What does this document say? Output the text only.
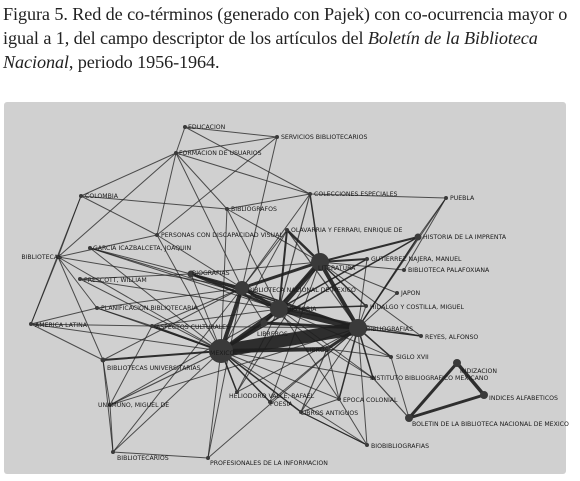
Figura 5. Red de co-términos (generado con Pajek) con co-ocurrencia mayor o igual a 1, del campo descriptor de los artículos del Boletín de la Biblioteca Nacional, periodo 1956-1964.
EDUCACION
SERVICIOS BIBLIOTECARIOS
FORMACION DE USUARIOS
COLOMBIA
BIBLIOGRAFOS
COLECCIONES ESPECIALES
PUEBLA
PERSONAS CON DISCAPACIDAD VISUAL
OLAVARRIA Y FERRARI, ENRIQUE DE
HISTORIA DE LA IMPRENTA
BIBLIOTECAS
GARCIA ICAZBALCETA, JOAQUIN
LITERATURA
GUTIERREZ NAJERA, MANUEL
BIOGRAFIAS	BIBLIOTECA PALAFOXIANA
PRESCOTT, WILLIAM
BIBLIOTECA NACIONAL DE MEXICO	JAPON
PLANIFICACION BIBLIOTECARIA	HISTORIA	HIDALGO Y COSTILLA, MIGUEL
AMERICA LATINA	ASPECTOS CULTURALES
LIBREROS
BIBLIOGRAFIAS
REYES, ALFONSO
MEXICO	LIBROS
SIGLO XVII
INDIZACION
BIBLIOTECAS UNIVERSITARIAS
INSTITUTO BIBLIOGRAFICO MEXICANO
HELIODORO VALLE, RAFAEL	INDICES ALFABETICOS
POESIA
EPOCA COLONIAL
UNAMUNO, MIGUEL DE
LIBROS ANTIGUOS
BOLETIN DE LA BIBLIOTECA NACIONAL DE MEXICO
BIBLIOTECARIOS
BIOBIBLIOGRAFIAS
PROFESIONALES DE LA INFORMACION
